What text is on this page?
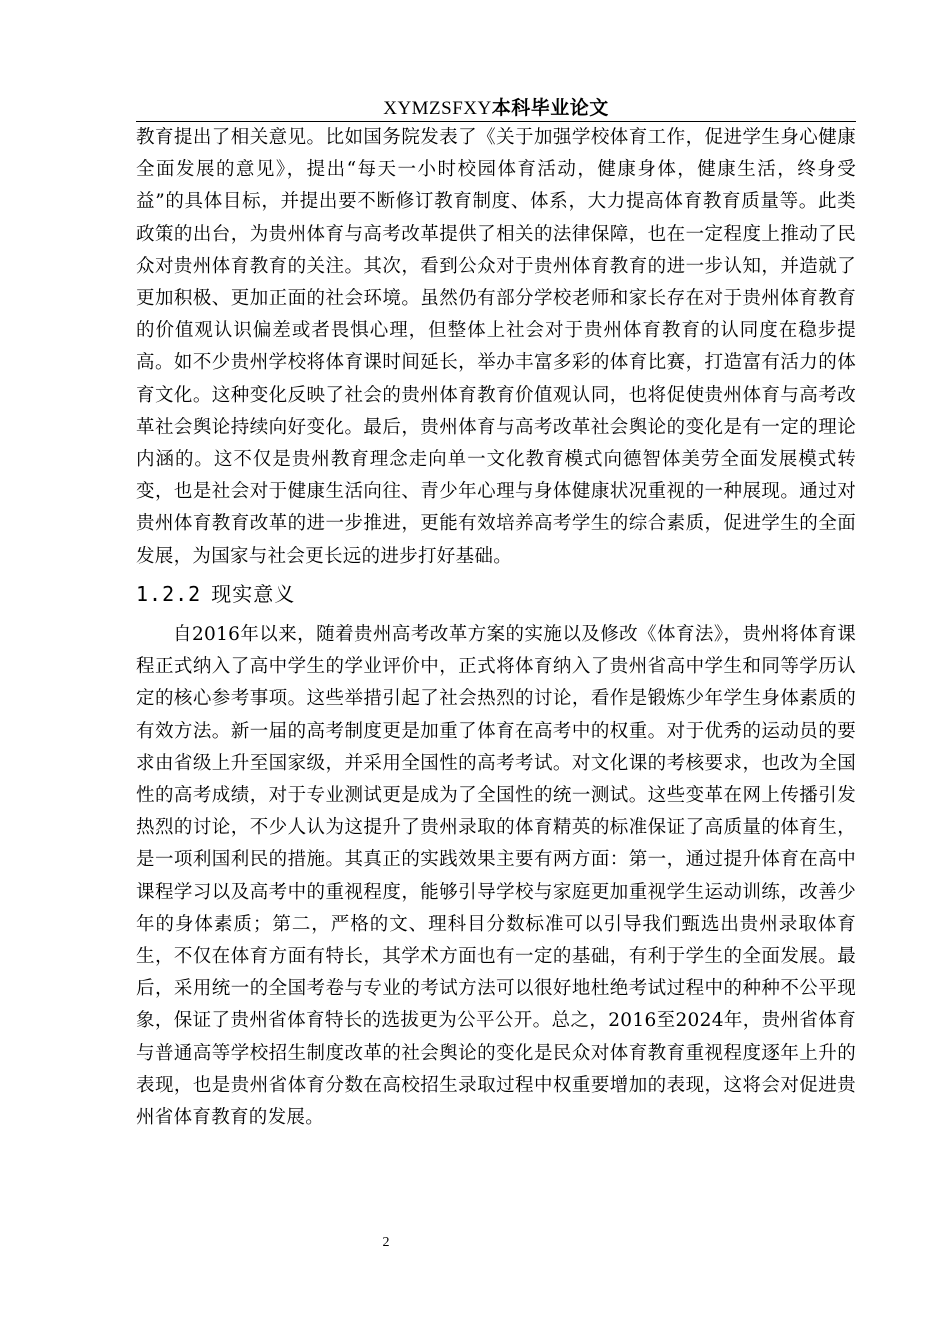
XYMZSFXY本科毕业论文

教育提出了相关意见。比如国务院发表了《关于加强学校体育工作，促进学生身心健康全面发展的意见》，提出“每天一小时校园体育活动，健康身体，健康生活，终身受益”的具体目标，并提出要不断修订教育制度、体系，大力提高体育教育质量等。此类政策的出台，为贵州体育与高考改革提供了相关的法律保障，也在一定程度上推动了民众对贵州体育教育的关注。其次，看到公众对于贵州体育教育的进一步认知，并造就了更加积极、更加正面的社会环境。虽然仍有部分学校老师和家长存在对于贵州体育教育的价值观认识偏差或者畏惧心理，但整体上社会对于贵州体育教育的认同度在稳步提高。如不少贵州学校将体育课时间延长，举办丰富多彩的体育比赛，打造富有活力的体育文化。这种变化反映了社会的贵州体育教育价值观认同，也将促使贵州体育与高考改革社会舆论持续向好变化。最后，贵州体育与高考改革社会舆论的变化是有一定的理论内涵的。这不仅是贵州教育理念走向单一文化教育模式向德智体美劳全面发展模式转变，也是社会对于健康生活向往、青少年心理与身体健康状况重视的一种展现。通过对贵州体育教育改革的进一步推进，更能有效培养高考学生的综合素质，促进学生的全面发展，为国家与社会更长远的进步打好基础。

1.2.2 现实意义

自2016年以来，随着贵州高考改革方案的实施以及修改《体育法》，贵州将体育课程正式纳入了高中学生的学业评价中，正式将体育纳入了贵州省高中学生和同等学历认定的核心参考事项。这些举措引起了社会热烈的讨论，看作是锻炼少年学生身体素质的有效方法。新一届的高考制度更是加重了体育在高考中的权重。对于优秀的运动员的要求由省级上升至国家级，并采用全国性的高考考试。对文化课的考核要求，也改为全国性的高考成绩，对于专业测试更是成为了全国性的统一测试。这些变革在网上传播引发热烈的讨论，不少人认为这提升了贵州录取的体育精英的标准保证了高质量的体育生，是一项利国利民的措施。其真正的实践效果主要有两方面：第一，通过提升体育在高中课程学习以及高考中的重视程度，能够引导学校与家庭更加重视学生运动训练，改善少年的身体素质；第二，严格的文、理科目分数标准可以引导我们甄选出贵州录取体育生，不仅在体育方面有特长，其学术方面也有一定的基础，有利于学生的全面发展。最后，采用统一的全国考卷与专业的考试方法可以很好地杜绝考试过程中的种种不公平现象，保证了贵州省体育特长的选拔更为公平公开。总之，2016至2024年，贵州省体育与普通高等学校招生制度改革的社会舆论的变化是民众对体育教育重视程度逐年上升的表现，也是贵州省体育分数在高校招生录取过程中权重要增加的表现，这将会对促进贵州省体育教育的发展。

2
